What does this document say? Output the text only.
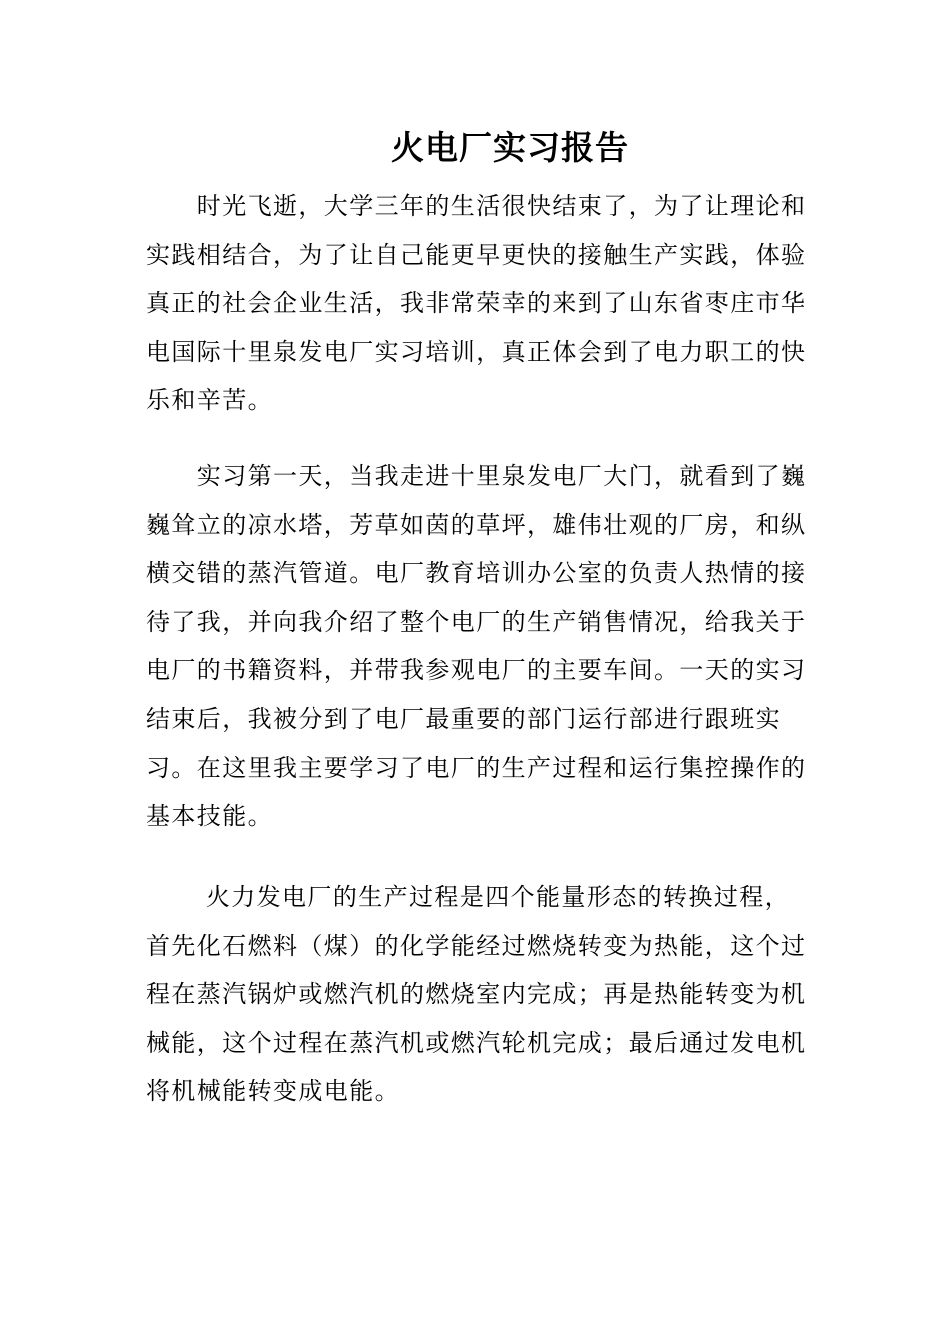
火电厂实习报告

　　时光飞逝，大学三年的生活很快结束了，为了让理论和
实践相结合，为了让自己能更早更快的接触生产实践，体验
真正的社会企业生活，我非常荣幸的来到了山东省枣庄市华
电国际十里泉发电厂实习培训，真正体会到了电力职工的快
乐和辛苦。

　　实习第一天，当我走进十里泉发电厂大门，就看到了巍
巍耸立的凉水塔，芳草如茵的草坪，雄伟壮观的厂房，和纵
横交错的蒸汽管道。电厂教育培训办公室的负责人热情的接
待了我，并向我介绍了整个电厂的生产销售情况，给我关于
电厂的书籍资料，并带我参观电厂的主要车间。一天的实习
结束后，我被分到了电厂最重要的部门运行部进行跟班实
习。在这里我主要学习了电厂的生产过程和运行集控操作的
基本技能。

　　 火力发电厂的生产过程是四个能量形态的转换过程，
首先化石燃料（煤）的化学能经过燃烧转变为热能，这个过
程在蒸汽锅炉或燃汽机的燃烧室内完成；再是热能转变为机
械能，这个过程在蒸汽机或燃汽轮机完成；最后通过发电机
将机械能转变成电能。
